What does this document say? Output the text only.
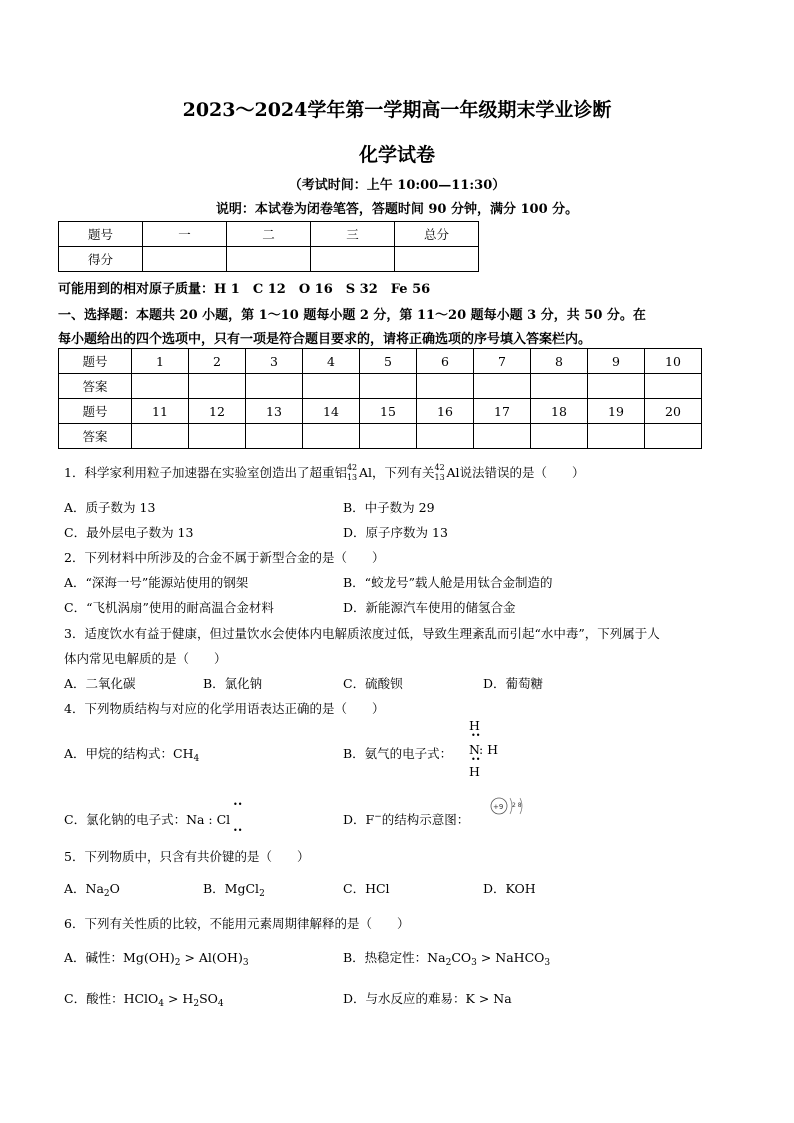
2023～2024学年第一学期高一年级期末学业诊断
化学试卷
（考试时间：上午 10:00—11:30）
说明：本试卷为闭卷笔答，答题时间 90 分钟，满分 100 分。
题号	一	二	三	总分
得分				
可能用到的相对原子质量：H 1　C 12　O 16　S 32　Fe 56
一、选择题：本题共 20 小题，第 1～10 题每小题 2 分，第 11～20 题每小题 3 分，共 50 分。在
每小题给出的四个选项中，只有一项是符合题目要求的，请将正确选项的序号填入答案栏内。
题号	1	2	3	4	5	6	7	8	9	10
答案										
题号	11	12	13	14	15	16	17	18	19	20
答案										
1．科学家利用粒子加速器在实验室创造出了超重铝 42
13 Al，下列有关 42
13 Al说法错误的是（　　）
A．质子数为 13	B．中子数为 29
C．最外层电子数为 13	D．原子序数为 13
2．下列材料中所涉及的合金不属于新型合金的是（　　）
A．“深海一号”能源站使用的钢架	B．“蛟龙号”载人舱是用钛合金制造的
C．“飞机涡扇”使用的耐高温合金材料	D．新能源汽车使用的储氢合金
3．适度饮水有益于健康，但过量饮水会使体内电解质浓度过低，导致生理紊乱而引起“水中毒”，下列属于人
体内常见电解质的是（　　）
A．二氧化碳	B．氯化钠	C．硫酸钡	D．葡萄糖
4．下列物质结构与对应的化学用语表达正确的是（　　）
A．甲烷的结构式：$CH_4$	B．氨气的电子式：
H
••
N : H
••
H
C．氯化钠的电子式：Na : Cl
••
••
D．F−的结构示意图：
+9 2 8
5．下列物质中，只含有共价键的是（　　）
A．$Na_2O$	B．MgCl$_2$	C．HCl	D．KOH
6．下列有关性质的比较，不能用元素周期律解释的是（　　）
A．碱性：$Mg(OH)_2 > Al(OH)_3$	B．热稳定性：$Na_2CO_3$ > NaHCO$_3$
C．酸性：HClO$_4$ > $H_2SO_4$	D．与水反应的难易：K > Na
